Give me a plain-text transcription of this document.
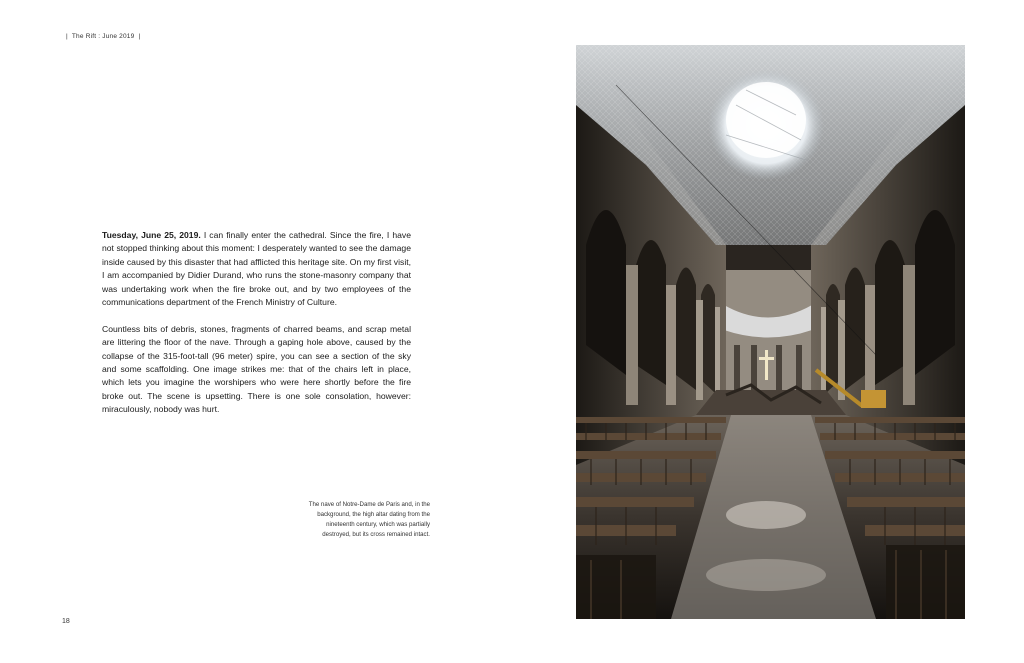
| The Rift : June 2019 |

Tuesday, June 25, 2019. I can finally enter the cathedral. Since the fire, I have not stopped thinking about this moment: I desperately wanted to see the damage inside caused by this disaster that had afflicted this heritage site. On my first visit, I am accompanied by Didier Durand, who runs the stone-masonry company that was undertaking work when the fire broke out, and by two employees of the communications department of the French Ministry of Culture.

Countless bits of debris, stones, fragments of charred beams, and scrap metal are littering the floor of the nave. Through a gaping hole above, caused by the collapse of the 315-foot-tall (96 meter) spire, you can see a section of the sky and some scaffolding. One image strikes me: that of the chairs left in place, which lets you imagine the worshipers who were here shortly before the fire broke out. The scene is upsetting. There is one sole consolation, however: miraculously, nobody was hurt.

The nave of Notre-Dame de Paris and, in the background, the high altar dating from the nineteenth century, which was partially destroyed, but its cross remained intact.
18
